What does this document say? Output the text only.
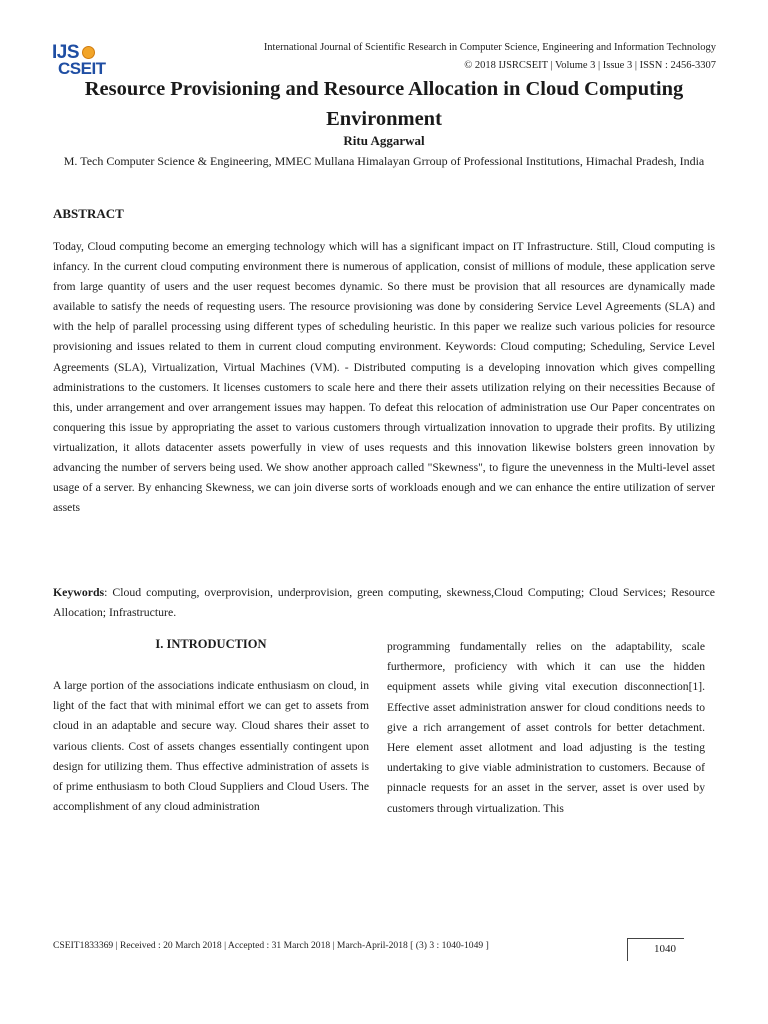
IJS
CSEIT
International Journal of Scientific Research in Computer Science, Engineering and Information Technology
© 2018 IJSRCSEIT | Volume 3 | Issue 3 | ISSN : 2456-3307
Resource Provisioning and Resource Allocation in Cloud Computing Environment
Ritu Aggarwal
M. Tech Computer Science & Engineering, MMEC Mullana Himalayan Grroup of Professional Institutions, Himachal Pradesh, India
ABSTRACT
Today, Cloud computing become an emerging technology which will has a significant impact on IT Infrastructure. Still, Cloud computing is infancy. In the current cloud computing environment there is numerous of application, consist of millions of module, these application serve from large quantity of users and the user request becomes dynamic. So there must be provision that all resources are dynamically made available to satisfy the needs of requesting users. The resource provisioning was done by considering Service Level Agreements (SLA) and with the help of parallel processing using different types of scheduling heuristic. In this paper we realize such various policies for resource provisioning and issues related to them in current cloud computing environment. Keywords: Cloud computing; Scheduling, Service Level Agreements (SLA), Virtualization, Virtual Machines (VM). - Distributed computing is a developing innovation which gives compelling administrations to the customers. It licenses customers to scale here and there their assets utilization relying on their necessities Because of this, under arrangement and over arrangement issues may happen. To defeat this relocation of administration use Our Paper concentrates on conquering this issue by appropriating the asset to various customers through virtualization innovation to upgrade their profits. By utilizing virtualization, it allots datacenter assets powerfully in view of uses requests and this innovation likewise bolsters green innovation by advancing the number of servers being used. We show another approach called "Skewness", to figure the unevenness in the Multi-level asset usage of a server. By enhancing Skewness, we can join diverse sorts of workloads enough and we can enhance the entire utilization of server assets
Keywords: Cloud computing, overprovision, underprovision, green computing, skewness,Cloud Computing; Cloud Services; Resource Allocation; Infrastructure.
I. INTRODUCTION
A large portion of the associations indicate enthusiasm on cloud, in light of the fact that with minimal effort we can get to assets from cloud in an adaptable and secure way. Cloud shares their asset to various clients. Cost of assets changes essentially contingent upon design for utilizing them. Thus effective administration of assets is of prime enthusiasm to both Cloud Suppliers and Cloud Users. The accomplishment of any cloud administration
programming fundamentally relies on the adaptability, scale furthermore, proficiency with which it can use the hidden equipment assets while giving vital execution disconnection[1]. Effective asset administration answer for cloud conditions needs to give a rich arrangement of asset controls for better detachment. Here element asset allotment and load adjusting is the testing undertaking to give viable administration to customers. Because of pinnacle requests for an asset in the server, asset is over used by customers through virtualization. This
CSEIT1833369 | Received : 20 March 2018 | Accepted : 31 March 2018 | March-April-2018 [ (3) 3 : 1040-1049 ]	1040
